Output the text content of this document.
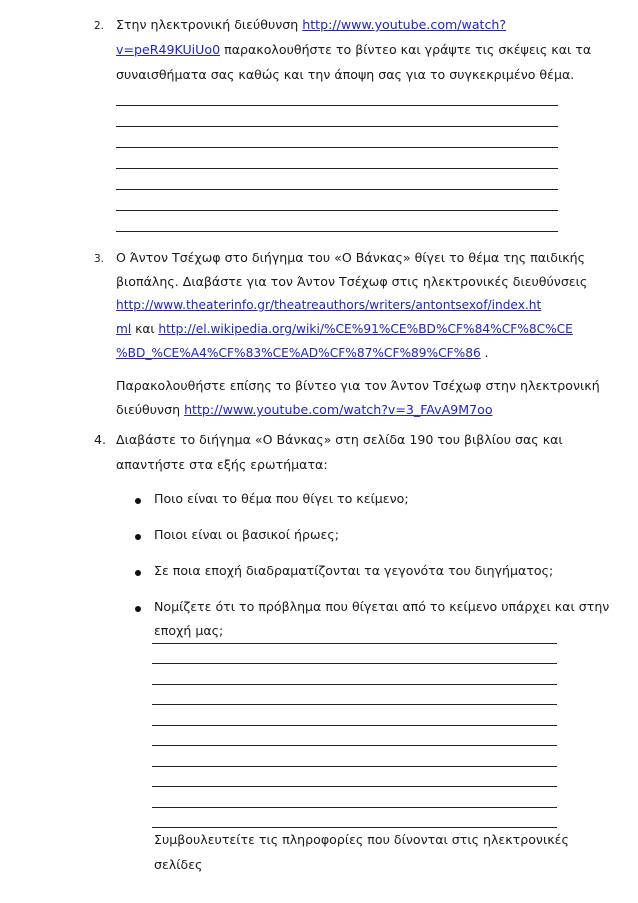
2. Στην ηλεκτρονική διεύθυνση http://www.youtube.com/watch?
v=peR49KUiUo0 παρακολουθήστε το βίντεο και γράψτε τις σκέψεις και τα
συναισθήματα σας καθώς και την άποψη σας για το συγκεκριμένο θέμα.
3. Ο Άντον Τσέχωφ στο διήγημα του «Ο Βάνκας» θίγει το θέμα της παιδικής
βιοπάλης. Διαβάστε για τον Άντον Τσέχωφ στις ηλεκτρονικές διευθύνσεις
http://www.theaterinfo.gr/theatreauthors/writers/antontsexof/index.ht
ml και http://el.wikipedia.org/wiki/%CE%91%CE%BD%CF%84%CF%8C%CE
%BD_%CE%A4%CF%83%CE%AD%CF%87%CF%89%CF%86 .
Παρακολουθήστε επίσης το βίντεο για τον Άντον Τσέχωφ στην ηλεκτρονική
διεύθυνση http://www.youtube.com/watch?v=3_FAvA9M7oo
4. Διαβάστε το διήγημα «Ο Βάνκας» στη σελίδα 190 του βιβλίου σας και
απαντήστε στα εξής ερωτήματα:
Ποιο είναι το θέμα που θίγει το κείμενο;
Ποιοι είναι οι βασικοί ήρωες;
Σε ποια εποχή διαδραματίζονται τα γεγονότα του διηγήματος;
Νομίζετε ότι το πρόβλημα που θίγεται από το κείμενο υπάρχει και στην
εποχή μας;
Συμβουλευτείτε τις πληροφορίες που δίνονται στις ηλεκτρονικές
σελίδες
